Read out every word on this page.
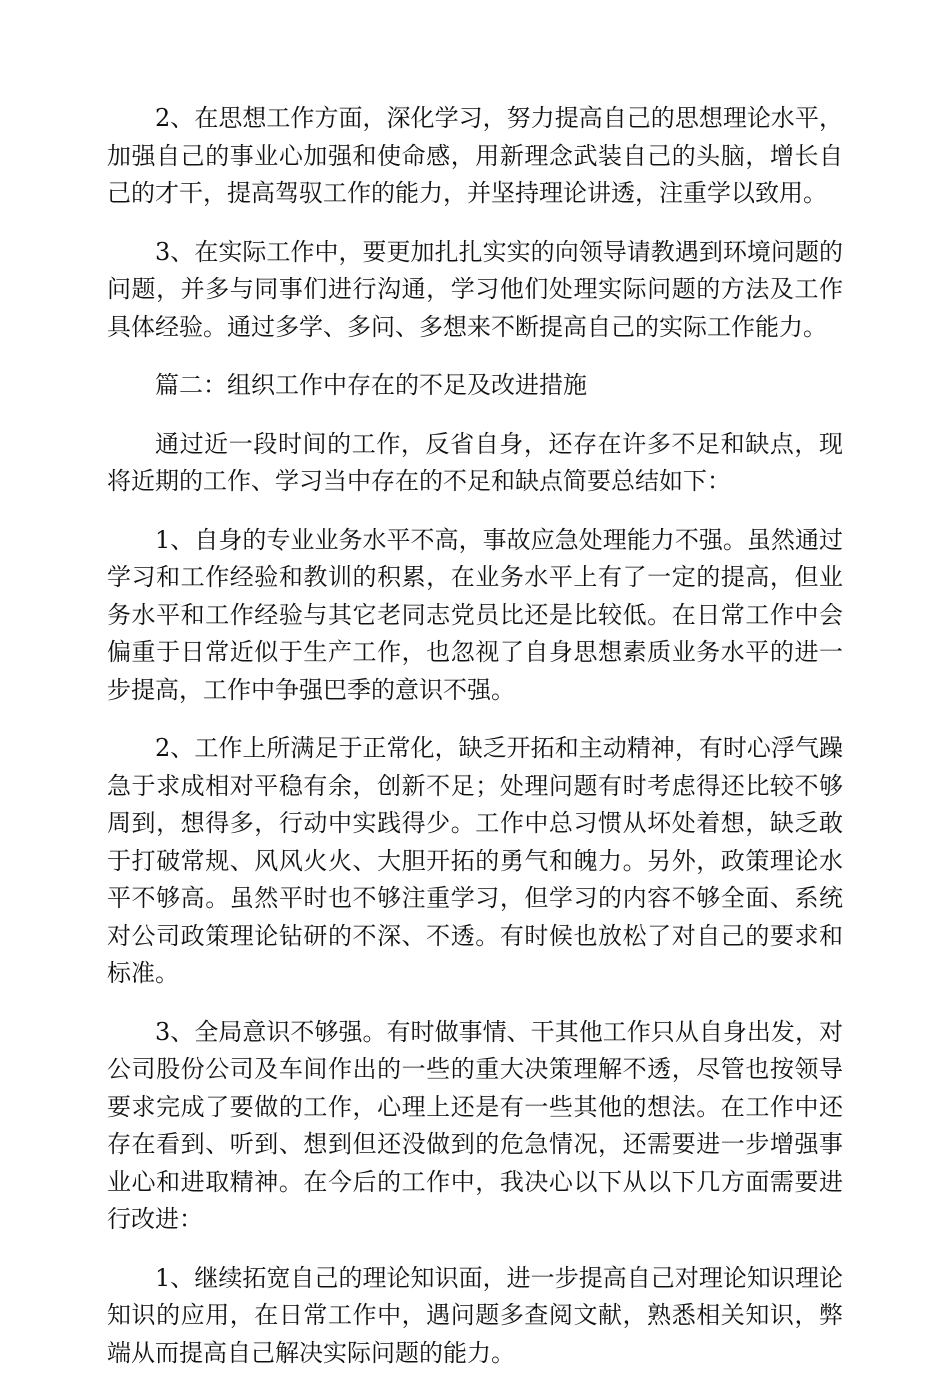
2、在思想工作方面，深化学习，努力提高自己的思想理论水平，加强自己的事业心加强和使命感，用新理念武装自己的头脑，增长自己的才干，提高驾驭工作的能力，并坚持理论讲透，注重学以致用。

3、在实际工作中，要更加扎扎实实的向领导请教遇到环境问题的问题，并多与同事们进行沟通，学习他们处理实际问题的方法及工作具体经验。通过多学、多问、多想来不断提高自己的实际工作能力。

篇二：组织工作中存在的不足及改进措施

通过近一段时间的工作，反省自身，还存在许多不足和缺点，现将近期的工作、学习当中存在的不足和缺点简要总结如下：

1、自身的专业业务水平不高，事故应急处理能力不强。虽然通过学习和工作经验和教训的积累，在业务水平上有了一定的提高，但业务水平和工作经验与其它老同志党员比还是比较低。在日常工作中会偏重于日常近似于生产工作，也忽视了自身思想素质业务水平的进一步提高，工作中争强巴季的意识不强。

2、工作上所满足于正常化，缺乏开拓和主动精神，有时心浮气躁急于求成相对平稳有余，创新不足；处理问题有时考虑得还比较不够周到，想得多，行动中实践得少。工作中总习惯从坏处着想，缺乏敢于打破常规、风风火火、大胆开拓的勇气和魄力。另外，政策理论水平不够高。虽然平时也不够注重学习，但学习的内容不够全面、系统对公司政策理论钻研的不深、不透。有时候也放松了对自己的要求和标准。

3、全局意识不够强。有时做事情、干其他工作只从自身出发，对公司股份公司及车间作出的一些的重大决策理解不透，尽管也按领导要求完成了要做的工作，心理上还是有一些其他的想法。在工作中还存在看到、听到、想到但还没做到的危急情况，还需要进一步增强事业心和进取精神。在今后的工作中，我决心以下从以下几方面需要进行改进：

1、继续拓宽自己的理论知识面，进一步提高自己对理论知识理论知识的应用，在日常工作中，遇问题多查阅文献，熟悉相关知识，弊端从而提高自己解决实际问题的能力。
